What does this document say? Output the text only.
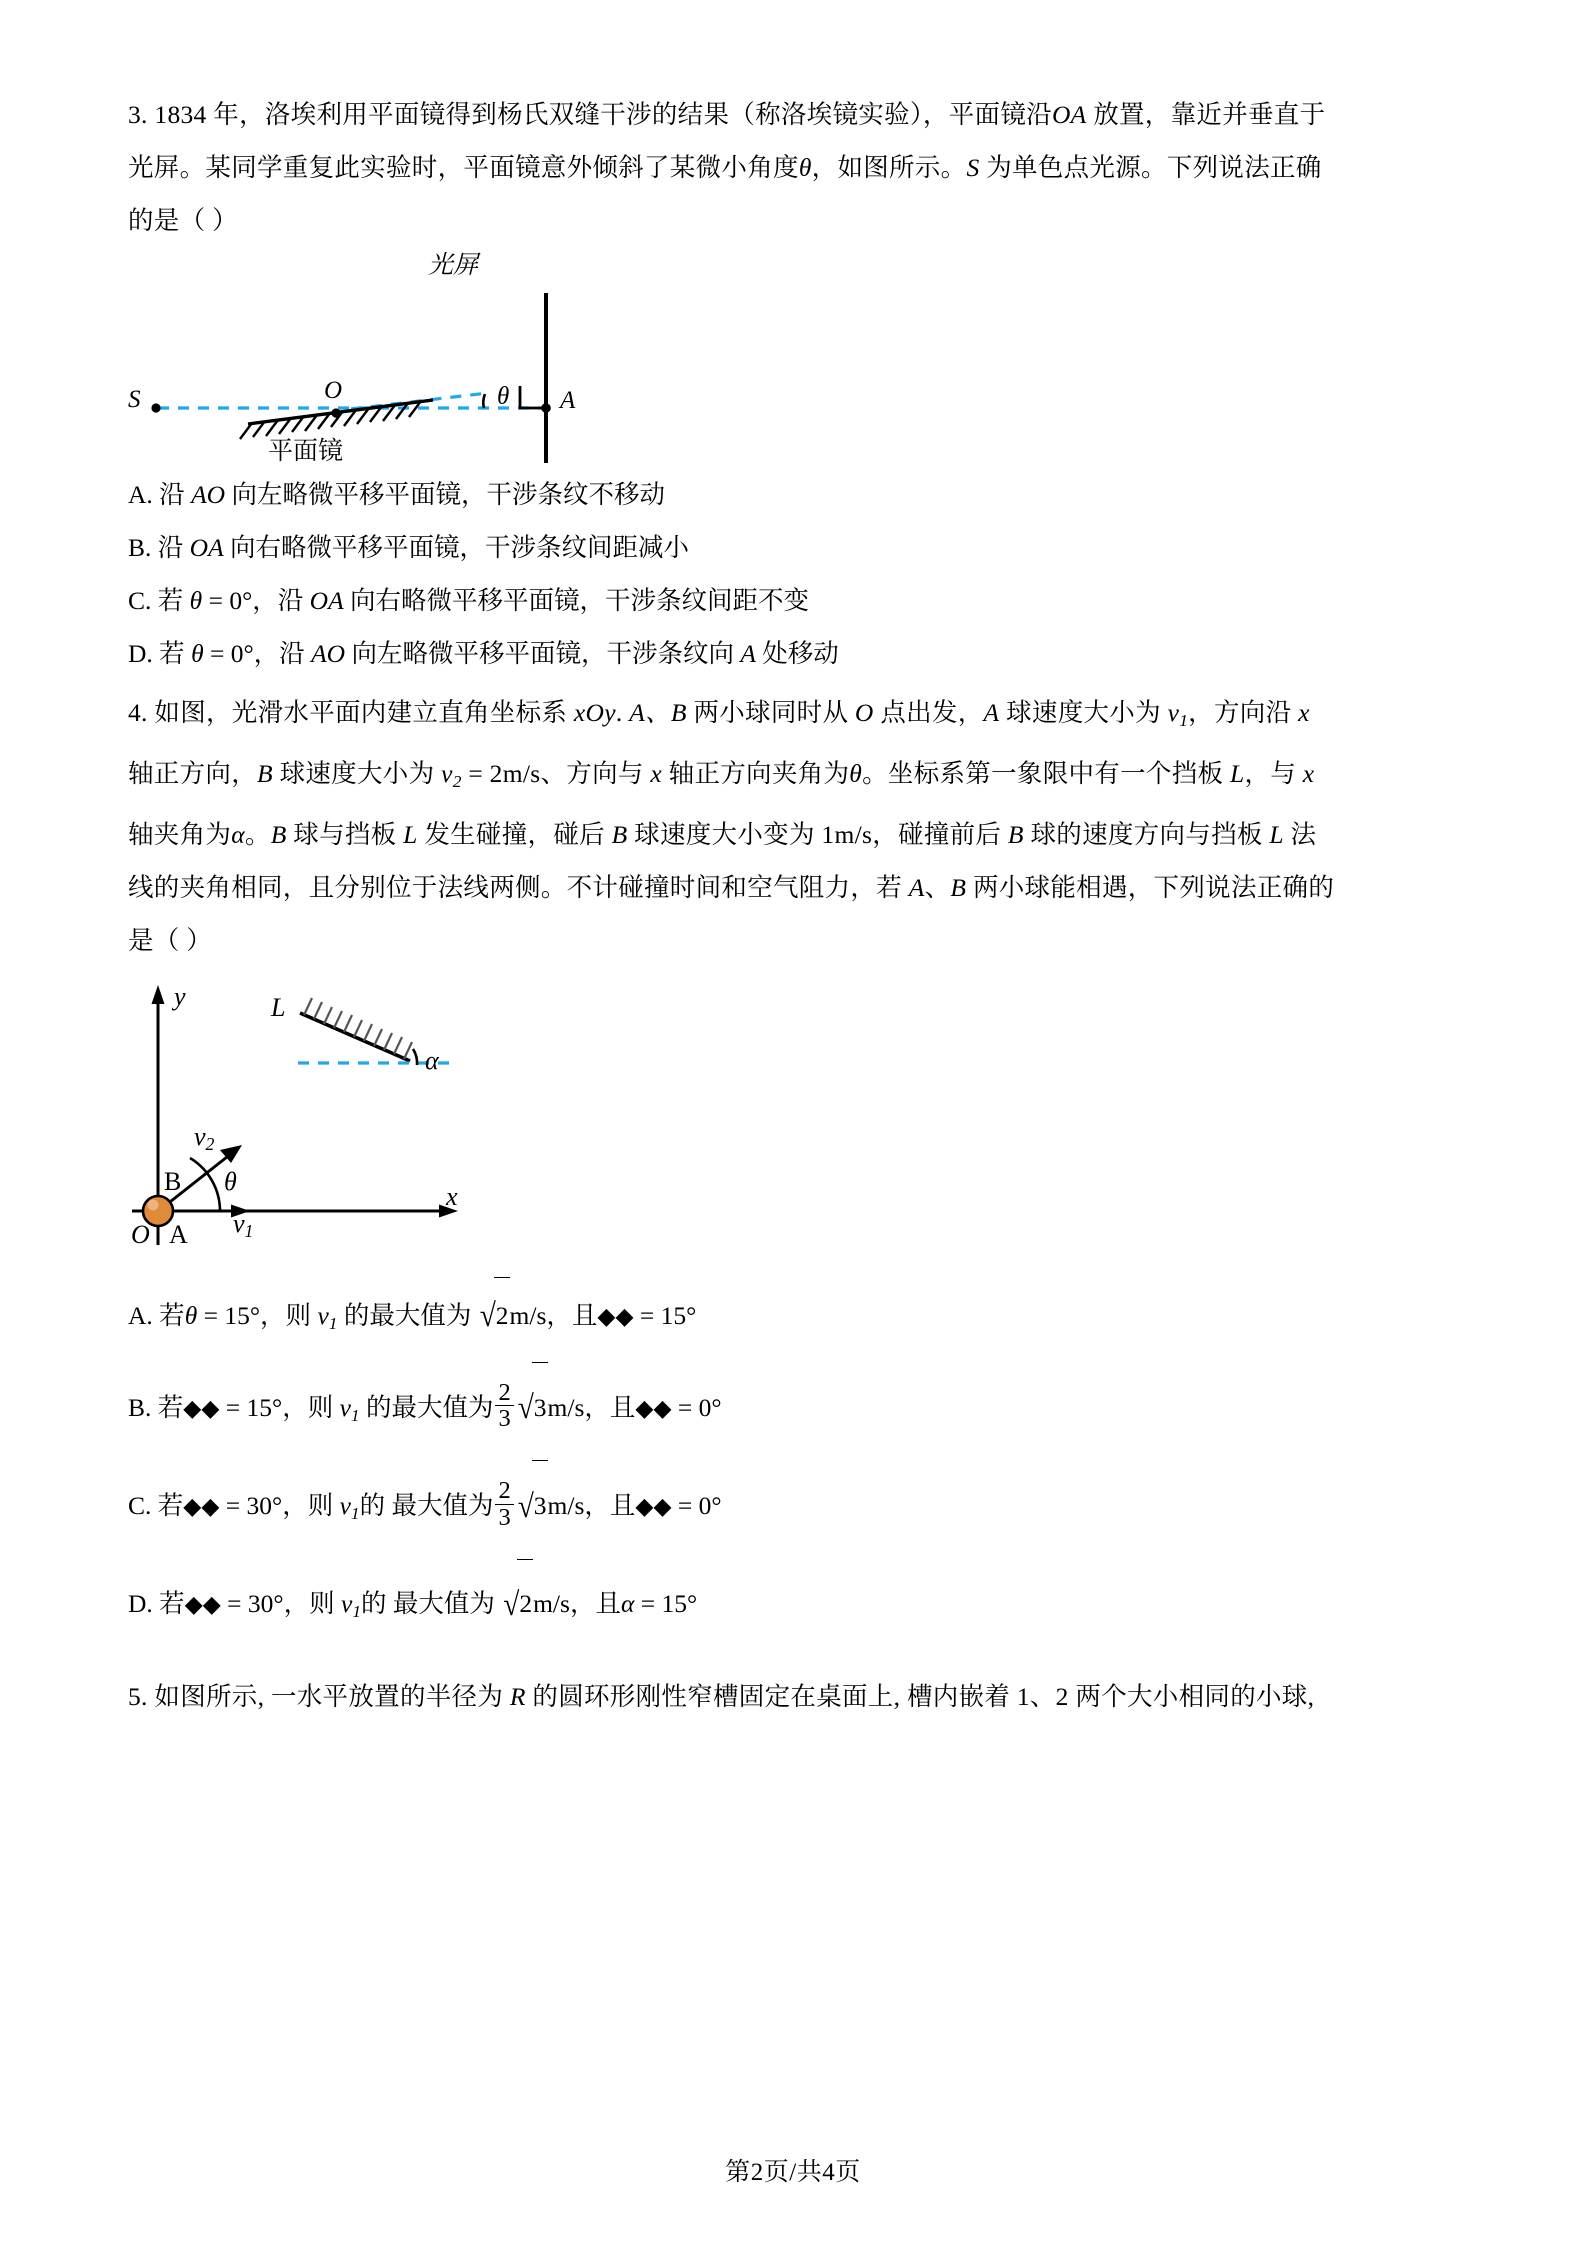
3. 1834 年，洛埃利用平面镜得到杨氏双缝干涉的结果（称洛埃镜实验），平面镜沿OA 放置，靠近并垂直于
光屏。某同学重复此实验时，平面镜意外倾斜了某微小角度θ，如图所示。S 为单色点光源。下列说法正确
的是（ ）
光屏
S	O
平面镜
θ A
A. 沿 AO 向左略微平移平面镜，干涉条纹不移动
B. 沿 OA 向右略微平移平面镜，干涉条纹间距减小
C. 若 θ = 0°，沿 OA 向右略微平移平面镜，干涉条纹间距不变
D. 若 θ = 0°，沿 AO 向左略微平移平面镜，干涉条纹向 A 处移动
4. 如图，光滑水平面内建立直角坐标系 xOy. A、B 两小球同时从 O 点出发，A 球速度大小为 $v_1$，方向沿 x
轴正方向，B 球速度大小为 $v_2 = 2m/s$、方向与 x 轴正方向夹角为θ。坐标系第一象限中有一个挡板 L，与 x
轴夹角为α。B 球与挡板 L 发生碰撞，碰后 B 球速度大小变为 1m/s，碰撞前后 B 球的速度方向与挡板 L 法
线的夹角相同，且分别位于法线两侧。不计碰撞时间和空气阻力，若 A、B 两小球能相遇，下列说法正确的
是（ ）
y
x
O A
B
$v_1$
$v_2$
θ
α
L
A. 若θ = 15°，则 $v_1$ 的最大值为 √2m/s，且◆◆ = 15°
B. 若◆◆ = 15°，则 $v_1$ 的最大值为 $\frac{2}{3} √3m/s$，且◆◆ = 0°
C. 若◆◆ = 30°，则 $v_1$的 最大值为 $\frac{2}{3} √3m/s$，且◆◆ = 0°
D. 若◆◆ = 30°，则 $v_1$的 最大值为 √2m/s，且α = 15°
5. 如图所示, 一水平放置的半径为 R 的圆环形刚性窄槽固定在桌面上, 槽内嵌着 1、2 两个大小相同的小球,
第2页/共4页
